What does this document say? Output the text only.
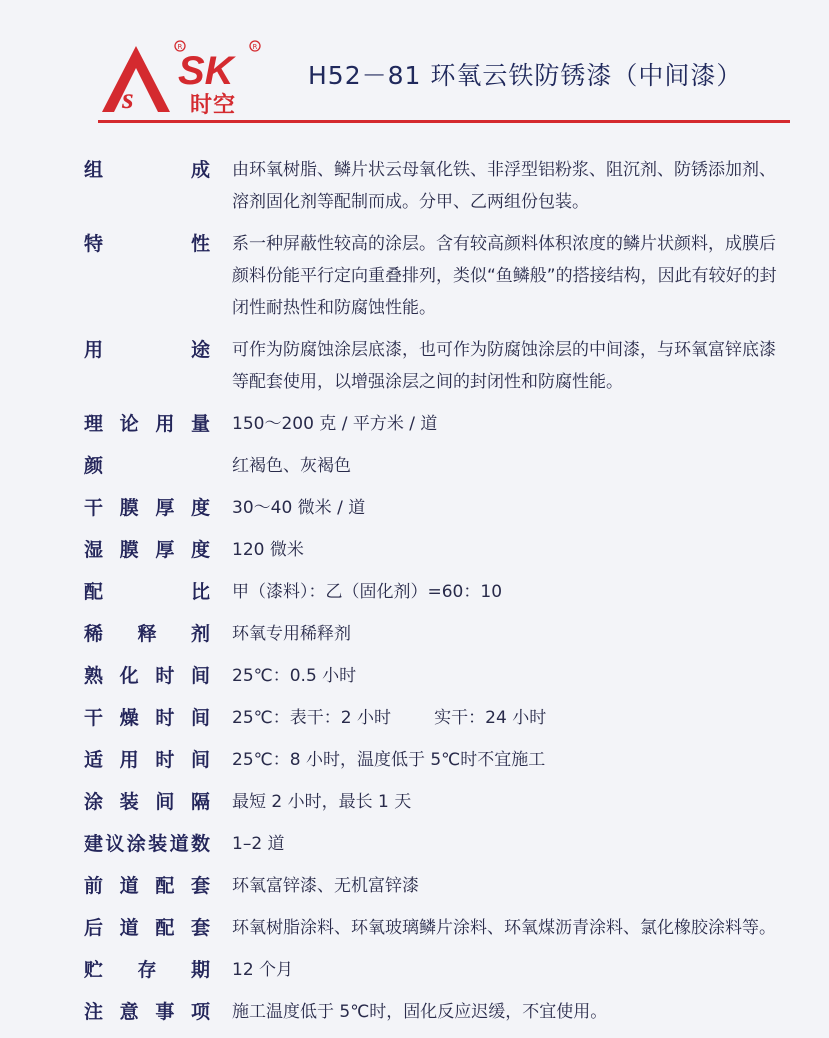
s
SK
R	R
时空
H52－81 环氧云铁防锈漆（中间漆）
组	成 由环氧树脂、鳞片状云母氧化铁、非浮型铝粉浆、阻沉剂、防锈添加剂、溶剂固化剂等配制而成。分甲、乙两组份包装。
特	性 系一种屏蔽性较高的涂层。含有较高颜料体积浓度的鳞片状颜料，成膜后颜料份能平行定向重叠排列，类似“鱼鳞般”的搭接结构，因此有较好的封闭性耐热性和防腐蚀性能。
用	途 可作为防腐蚀涂层底漆，也可作为防腐蚀涂层的中间漆，与环氧富锌底漆等配套使用，以增强涂层之间的封闭性和防腐性能。
理 论 用 量 150～200 克 / 平方米 / 道
颜	红褐色、灰褐色
干 膜 厚 度 30～40 微米 / 道
湿 膜 厚 度 120 微米
配	比 甲（漆料）：乙（固化剂）=60：10
稀 释 剂 环氧专用稀释剂
熟 化 时 间 25℃：0.5 小时
干 燥 时 间 25℃：表干：2 小时        实干：24 小时
适 用 时 间 25℃：8 小时，温度低于 5℃时不宜施工
涂 装 间 隔 最短 2 小时，最长 1 天
建 议 涂 装 道 数 1–2 道
前 道 配 套 环氧富锌漆、无机富锌漆
后 道 配 套 环氧树脂涂料、环氧玻璃鳞片涂料、环氧煤沥青涂料、氯化橡胶涂料等。
贮 存 期 12 个月
注 意 事 项 施工温度低于 5℃时，固化反应迟缓，不宜使用。
